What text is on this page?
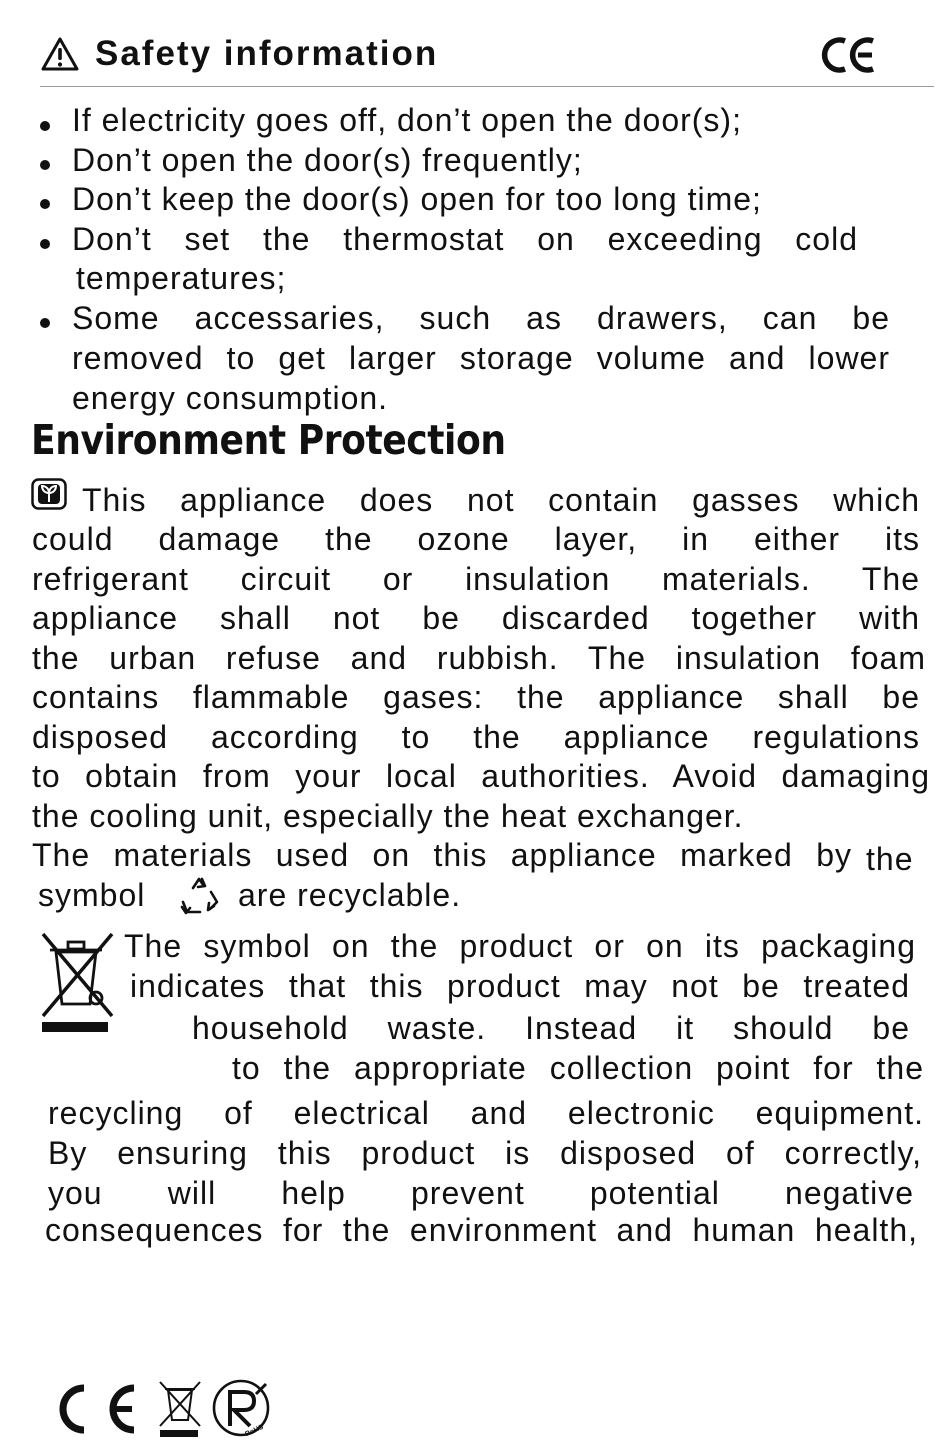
Safety information
If electricity goes off, don’t open the door(s);
Don’t open the door(s) frequently;
Don’t keep the door(s) open for too long time;
Don’t set the thermostat on exceeding cold
temperatures;
Some accessaries, such as drawers, can be
removed to get larger storage volume and lower
energy consumption.
Environment Protection
This appliance does not contain gasses which
could damage the ozone layer, in either its
refrigerant circuit or insulation materials. The
appliance shall not be discarded together with
the urban refuse and rubbish. The insulation foam
contains flammable gases: the appliance shall be
disposed according to the appliance regulations
to obtain from your local authorities. Avoid damaging
the cooling unit, especially the heat exchanger.
The materials used on this appliance marked by the
symbol	are recyclable.
The symbol on the product or on its packaging
indicates that this product may not be treated
household waste. Instead it should be
to the appropriate collection point for the
recycling of electrical and electronic equipment.
By ensuring this product is disposed of correctly,
you will help prevent potential negative
consequences for the environment and human health,
RoHS
